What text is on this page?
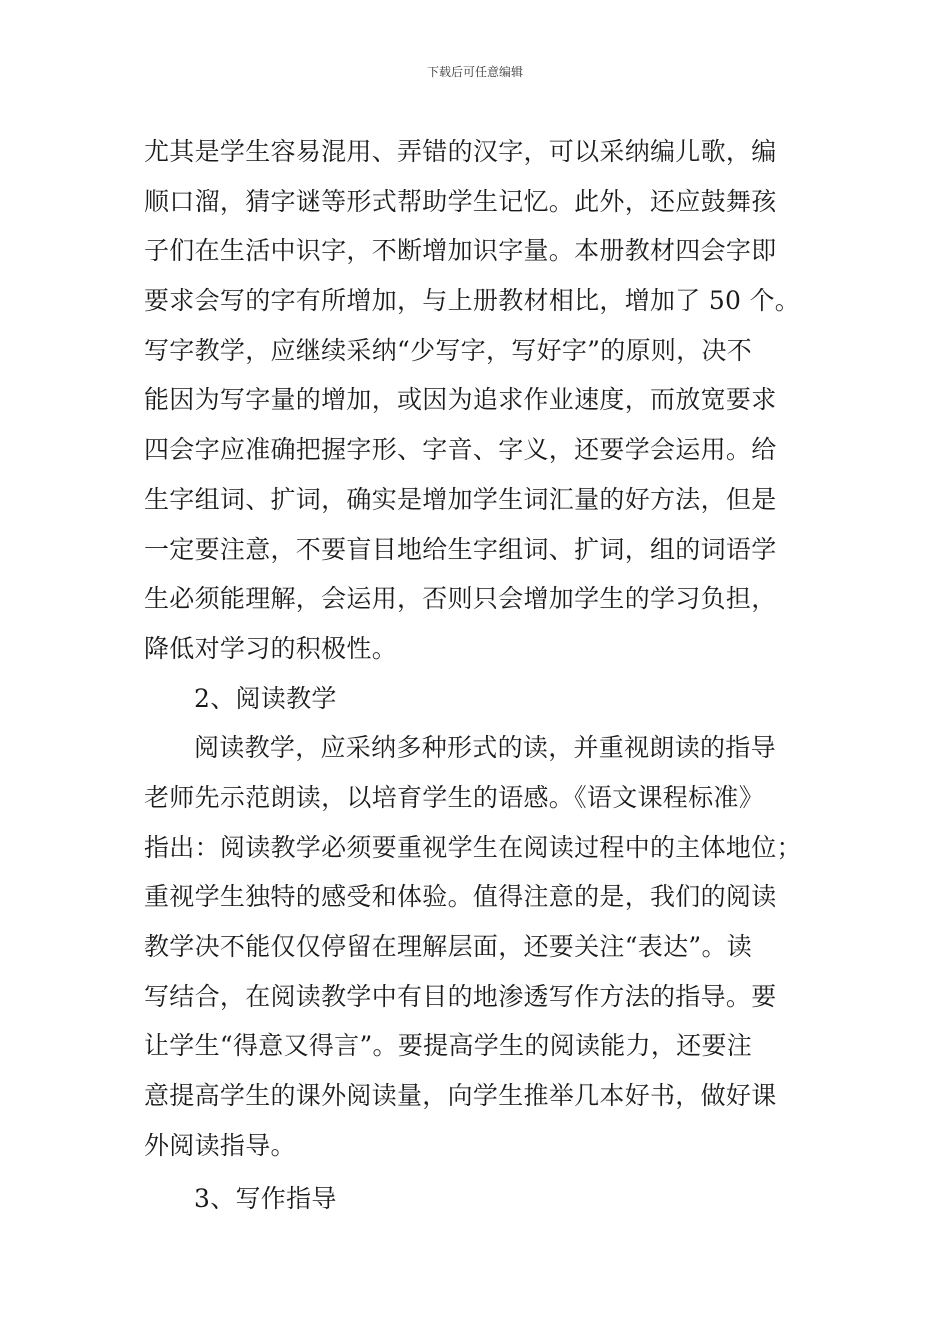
下载后可任意编辑
尤其是学生容易混用、弄错的汉字，可以采纳编儿歌，编
顺口溜，猜字谜等形式帮助学生记忆。此外，还应鼓舞孩
子们在生活中识字，不断增加识字量。本册教材四会字即
要求会写的字有所增加，与上册教材相比，增加了 50 个。
写字教学，应继续采纳“少写字，写好字”的原则，决不
能因为写字量的增加，或因为追求作业速度，而放宽要求
四会字应准确把握字形、字音、字义，还要学会运用。给
生字组词、扩词，确实是增加学生词汇量的好方法，但是
一定要注意，不要盲目地给生字组词、扩词，组的词语学
生必须能理解，会运用，否则只会增加学生的学习负担，
降低对学习的积极性。
2、阅读教学
阅读教学，应采纳多种形式的读，并重视朗读的指导
老师先示范朗读，以培育学生的语感。《语文课程标准》
指出：阅读教学必须要重视学生在阅读过程中的主体地位；
重视学生独特的感受和体验。值得注意的是，我们的阅读
教学决不能仅仅停留在理解层面，还要关注“表达”。读
写结合，在阅读教学中有目的地渗透写作方法的指导。要
让学生“得意又得言”。要提高学生的阅读能力，还要注
意提高学生的课外阅读量，向学生推举几本好书，做好课
外阅读指导。
3、写作指导
